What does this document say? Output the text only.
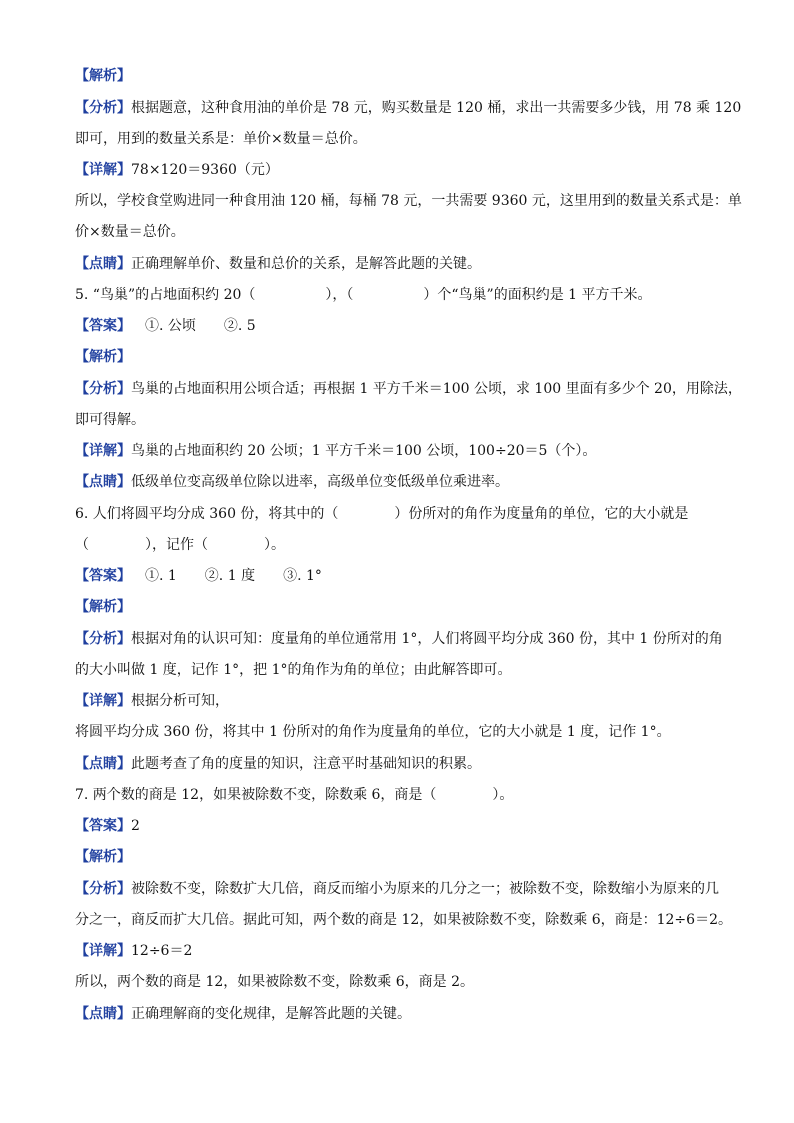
【解析】
【分析】根据题意，这种食用油的单价是 78 元，购买数量是 120 桶，求出一共需要多少钱，用 78 乘 120
即可，用到的数量关系是：单价×数量＝总价。
【详解】78×120＝9360（元）
所以，学校食堂购进同一种食用油 120 桶，每桶 78 元，一共需要 9360 元，这里用到的数量关系式是：单
价×数量＝总价。
【点睛】正确理解单价、数量和总价的关系，是解答此题的关键。
5. “鸟巢”的占地面积约 20（　　　　　），（　　　　　）个“鸟巢”的面积约是 1 平方千米。
【答案】 ①. 公顷　　②. 5
【解析】
【分析】鸟巢的占地面积用公顷合适；再根据 1 平方千米＝100 公顷，求 100 里面有多少个 20，用除法，
即可得解。
【详解】鸟巢的占地面积约 20 公顷；1 平方千米＝100 公顷，100÷20＝5（个）。
【点睛】低级单位变高级单位除以进率，高级单位变低级单位乘进率。
6. 人们将圆平均分成 360 份，将其中的（　　　　）份所对的角作为度量角的单位，它的大小就是
（　　　　），记作（　　　　）。
【答案】 ①. 1　　②. 1 度　　③. 1°
【解析】
【分析】根据对角的认识可知：度量角的单位通常用 1°，人们将圆平均分成 360 份，其中 1 份所对的角
的大小叫做 1 度，记作 1°，把 1°的角作为角的单位；由此解答即可。
【详解】根据分析可知，
将圆平均分成 360 份，将其中 1 份所对的角作为度量角的单位，它的大小就是 1 度，记作 1°。
【点睛】此题考查了角的度量的知识，注意平时基础知识的积累。
7. 两个数的商是 12，如果被除数不变，除数乘 6，商是（　　　　）。
【答案】2
【解析】
【分析】被除数不变，除数扩大几倍，商反而缩小为原来的几分之一；被除数不变，除数缩小为原来的几
分之一，商反而扩大几倍。据此可知，两个数的商是 12，如果被除数不变，除数乘 6，商是：12÷6＝2。
【详解】12÷6＝2
所以，两个数的商是 12，如果被除数不变，除数乘 6，商是 2。
【点睛】正确理解商的变化规律，是解答此题的关键。
